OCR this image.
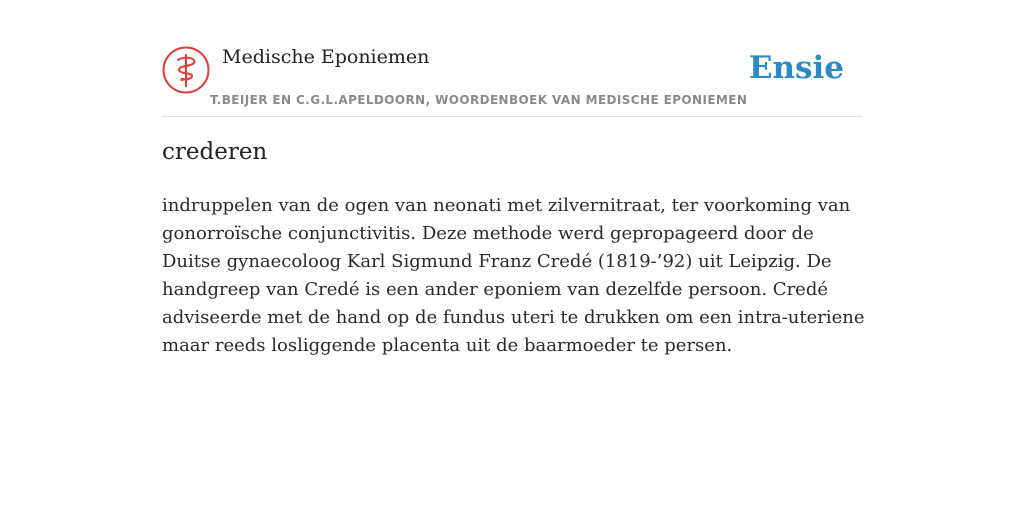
Medische Eponiemen
T.BEIJER EN C.G.L.APELDOORN, WOORDENBOEK VAN MEDISCHE EPONIEMEN
Ensie
crederen

indruppelen van de ogen van neonati met zilvernitraat, ter voorkoming van gonorroïsche conjunctivitis. Deze methode werd gepropageerd door de Duitse gynaecoloog Karl Sigmund Franz Credé (1819-’92) uit Leipzig. De handgreep van Credé is een ander eponiem van dezelfde persoon. Credé adviseerde met de hand op de fundus uteri te drukken om een intra-uteriene maar reeds losliggende placenta uit de baarmoeder te persen.
